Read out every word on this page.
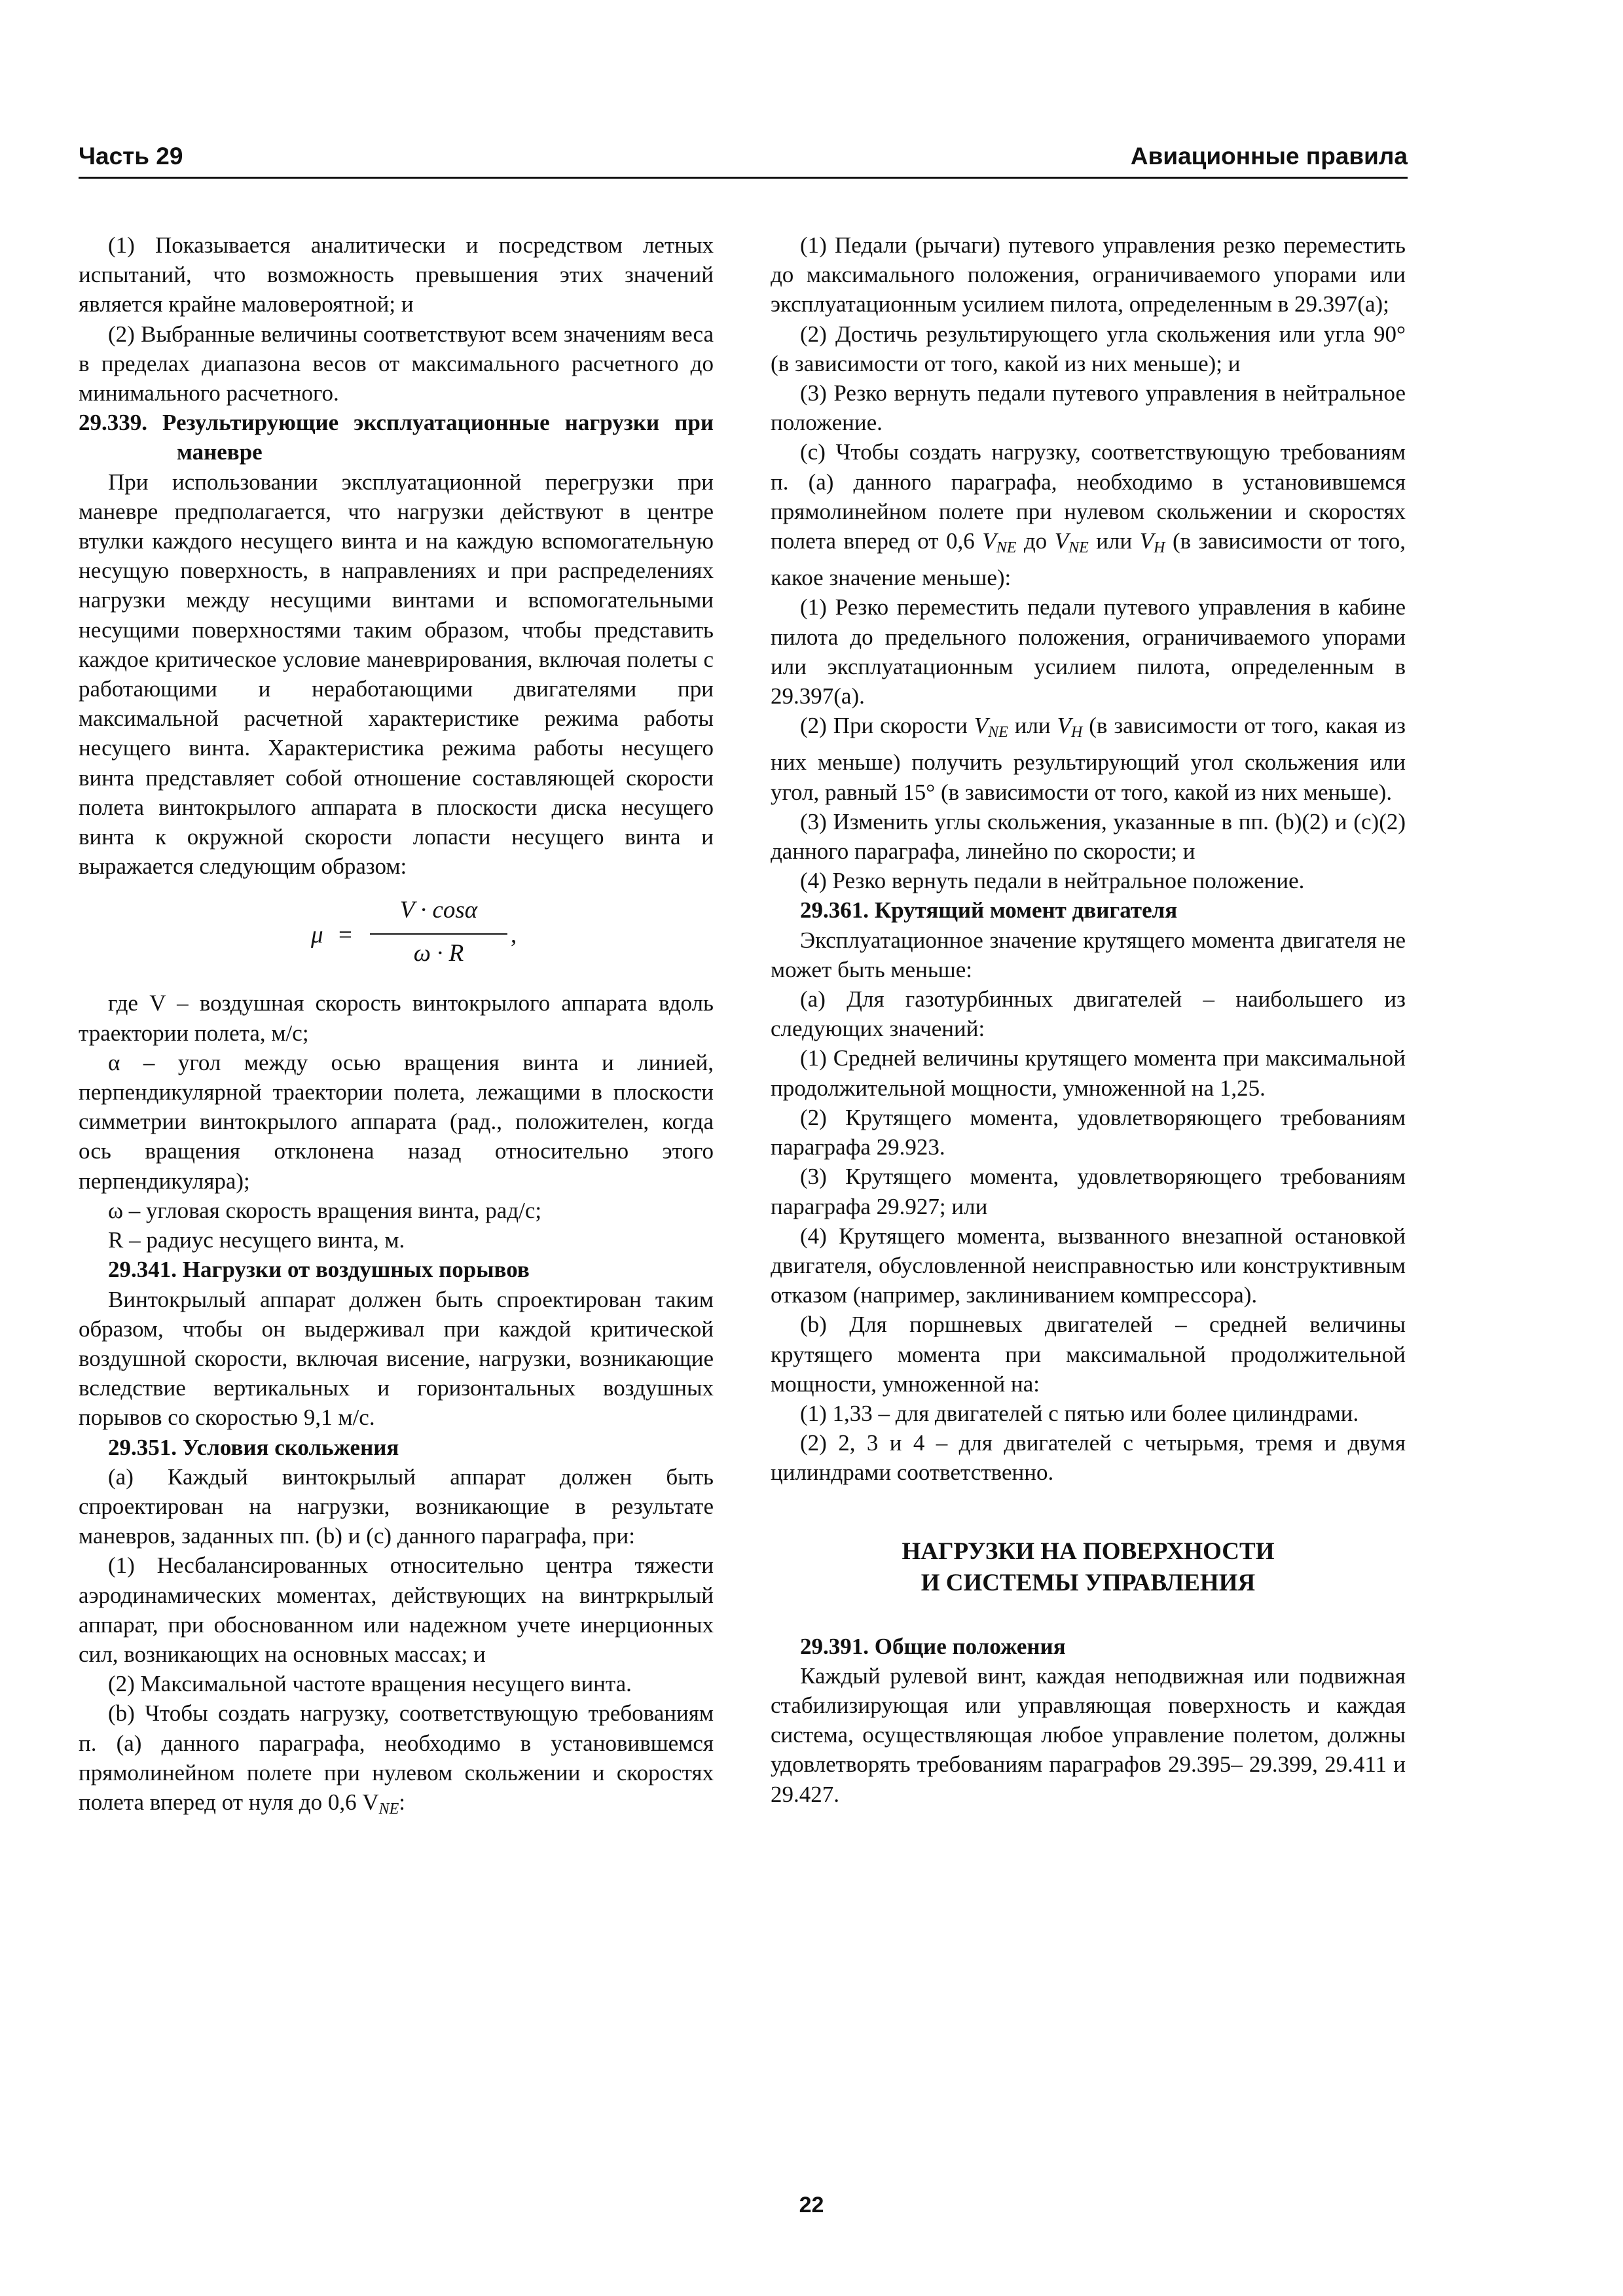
Часть 29	Авиационные правила

(1) Показывается аналитически и посредством летных испытаний, что возможность превышения этих значений является крайне маловероятной; и

(2) Выбранные величины соответствуют всем значениям веса в пределах диапазона весов от максимального расчетного до минимального расчетного.

29.339. Результирующие эксплуатационные нагрузки при маневре

При использовании эксплуатационной перегрузки при маневре предполагается, что нагрузки действуют в центре втулки каждого несущего винта и на каждую вспомогательную несущую поверхность, в направлениях и при распределениях нагрузки между несущими винтами и вспомогательными несущими поверхностями таким образом, чтобы представить каждое критическое условие маневрирования, включая полеты с работающими и неработающими двигателями при максимальной расчетной характеристике режима работы несущего винта. Характеристика режима работы несущего винта представляет собой отношение составляющей скорости полета винтокрылого аппарата в плоскости диска несущего винта к окружной скорости лопасти несущего винта и выражается следующим образом:

μ =
V · cosα
ω · R
,

где V – воздушная скорость винтокрылого аппарата вдоль траектории полета, м/с;

α – угол между осью вращения винта и линией, перпендикулярной траектории полета, лежащими в плоскости симметрии винтокрылого аппарата (рад., положителен, когда ось вращения отклонена назад относительно этого перпендикуляра);

ω – угловая скорость вращения винта, рад/с;

R – радиус несущего винта, м.

29.341. Нагрузки от воздушных порывов

Винтокрылый аппарат должен быть спроектирован таким образом, чтобы он выдерживал при каждой критической воздушной скорости, включая висение, нагрузки, возникающие вследствие вертикальных и горизонтальных воздушных порывов со скоростью 9,1 м/с.

29.351. Условия скольжения

(a) Каждый винтокрылый аппарат должен быть спроектирован на нагрузки, возникающие в результате маневров, заданных пп. (b) и (c) данного параграфа, при:

(1) Несбалансированных относительно центра тяжести аэродинамических моментах, действующих на винтркрылый аппарат, при обоснованном или надежном учете инерционных сил, возникающих на основных массах; и

(2) Максимальной частоте вращения несущего винта.

(b) Чтобы создать нагрузку, соответствующую требованиям п. (a) данного параграфа, необходимо в установившемся прямолинейном полете при нулевом скольжении и скоростях полета вперед от нуля до 0,6 $V_{NE}$:

(1) Педали (рычаги) путевого управления резко переместить до максимального положения, ограничиваемого упорами или эксплуатационным усилием пилота, определенным в 29.397(a);

(2) Достичь результирующего угла скольжения или угла 90° (в зависимости от того, какой из них меньше); и

(3) Резко вернуть педали путевого управления в нейтральное положение.

(c) Чтобы создать нагрузку, соответствующую требованиям п. (a) данного параграфа, необходимо в установившемся прямолинейном полете при нулевом скольжении и скоростях полета вперед от 0,6 $V_{NE}$ до $V_{NE}$ или $V_H$ (в зависимости от того, какое значение меньше):

(1) Резко переместить педали путевого управления в кабине пилота до предельного положения, ограничиваемого упорами или эксплуатационным усилием пилота, определенным в 29.397(a).

(2) При скорости $V_{NE}$ или $V_H$ (в зависимости от того, какая из них меньше) получить результирующий угол скольжения или угол, равный 15° (в зависимости от того, какой из них меньше).

(3) Изменить углы скольжения, указанные в пп. (b)(2) и (c)(2) данного параграфа, линейно по скорости; и

(4) Резко вернуть педали в нейтральное положение.

29.361. Крутящий момент двигателя

Эксплуатационное значение крутящего момента двигателя не может быть меньше:

(a) Для газотурбинных двигателей – наибольшего из следующих значений:

(1) Средней величины крутящего момента при максимальной продолжительной мощности, умноженной на 1,25.

(2) Крутящего момента, удовлетворяющего требованиям параграфа 29.923.

(3) Крутящего момента, удовлетворяющего требованиям параграфа 29.927; или

(4) Крутящего момента, вызванного внезапной остановкой двигателя, обусловленной неисправностью или конструктивным отказом (например, заклиниванием компрессора).

(b) Для поршневых двигателей – средней величины крутящего момента при максимальной продолжительной мощности, умноженной на:

(1) 1,33 – для двигателей с пятью или более цилиндрами.

(2) 2, 3 и 4 – для двигателей с четырьмя, тремя и двумя цилиндрами соответственно.

НАГРУЗКИ НА ПОВЕРХНОСТИ
И СИСТЕМЫ УПРАВЛЕНИЯ

29.391. Общие положения

Каждый рулевой винт, каждая неподвижная или подвижная стабилизирующая или управляющая поверхность и каждая система, осуществляющая любое управление полетом, должны удовлетворять требованиям параграфов 29.395– 29.399, 29.411 и 29.427.

22
